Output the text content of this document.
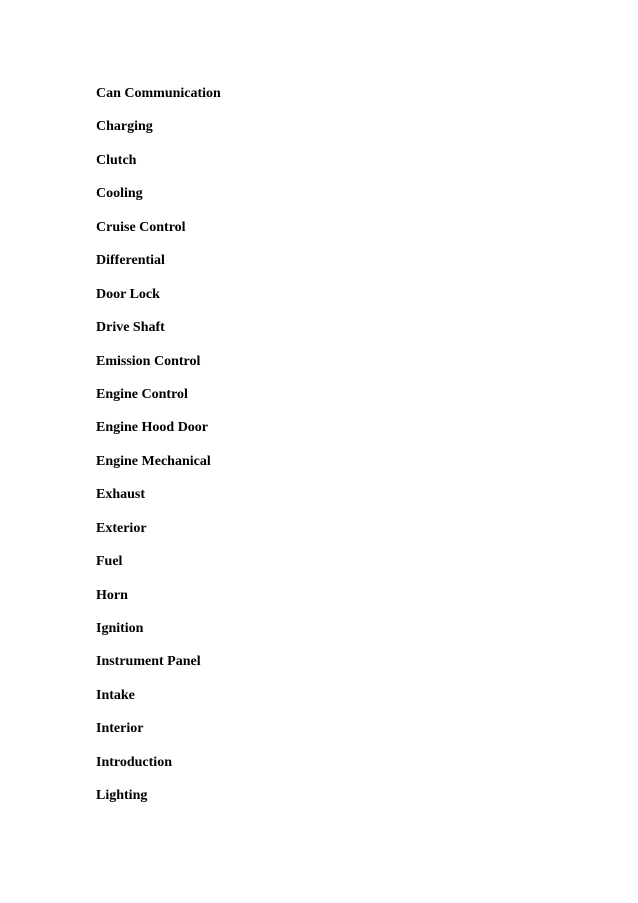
Can Communication
Charging
Clutch
Cooling
Cruise Control
Differential
Door Lock
Drive Shaft
Emission Control
Engine Control
Engine Hood Door
Engine Mechanical
Exhaust
Exterior
Fuel
Horn
Ignition
Instrument Panel
Intake
Interior
Introduction
Lighting
